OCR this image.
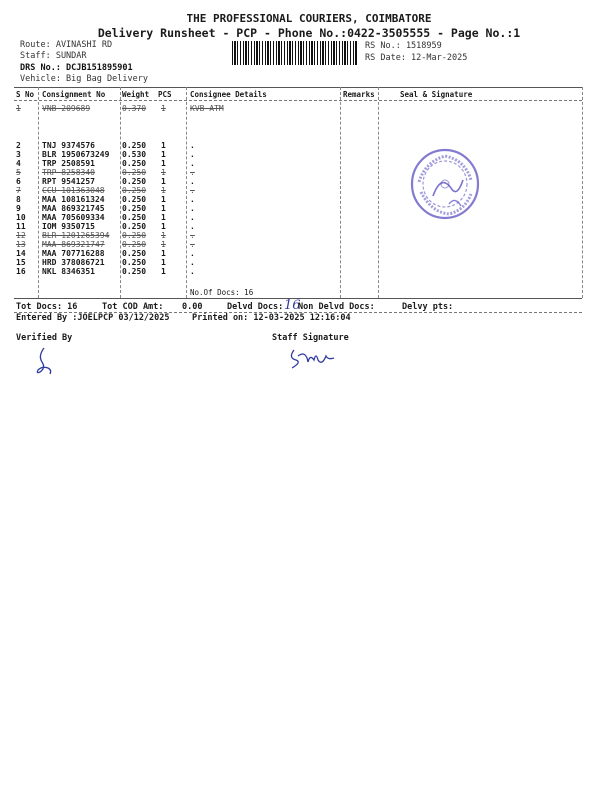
THE PROFESSIONAL COURIERS, COIMBATORE
Delivery Runsheet - PCP - Phone No.:0422-3505555 - Page No.:1
Route: AVINASHI RD
Staff: SUNDAR
DRS No.: DCJB151895901
Vehicle: Big Bag Delivery
RS No.: 1518959
RS Date: 12-Mar-2025
S No Consignment No Weight PCS Consignee Details	Remarks	Seal & Signature
1	VNB 209689	0.370 1	KVB ATM
2	TNJ 9374576	0.250 1	.
3	BLR 1950673249 0.530 1	.
4	TRP 2508591	0.250 1	.
5	TRP 8258340	0.250 1	.
6	RPT 9541257	0.250 1	.
7	CCU 101363048 0.250 1	.
8	MAA 108161324 0.250 1	.
9	MAA 869321745 0.250 1	.
10 MAA 705609334 0.250 1	.
11 IOM 9350715	0.250 1	.
12 BLR 1201265394 0.250 1	.
13 MAA 869321747 0.250 1	.
14 MAA 707716288 0.250 1	.
15 HRD 378086721 0.250 1	.
16 NKL 8346351	0.250 1	.
No.Of Docs: 16
Tot Docs: 16	Tot COD Amt: 0.00	Delvd Docs: 16
Non Delvd Docs:	Delvy pts:
Entered By :JOELPCP 03/12/2025	Printed on: 12-03-2025 12:16:04
Verified By	Staff Signature
